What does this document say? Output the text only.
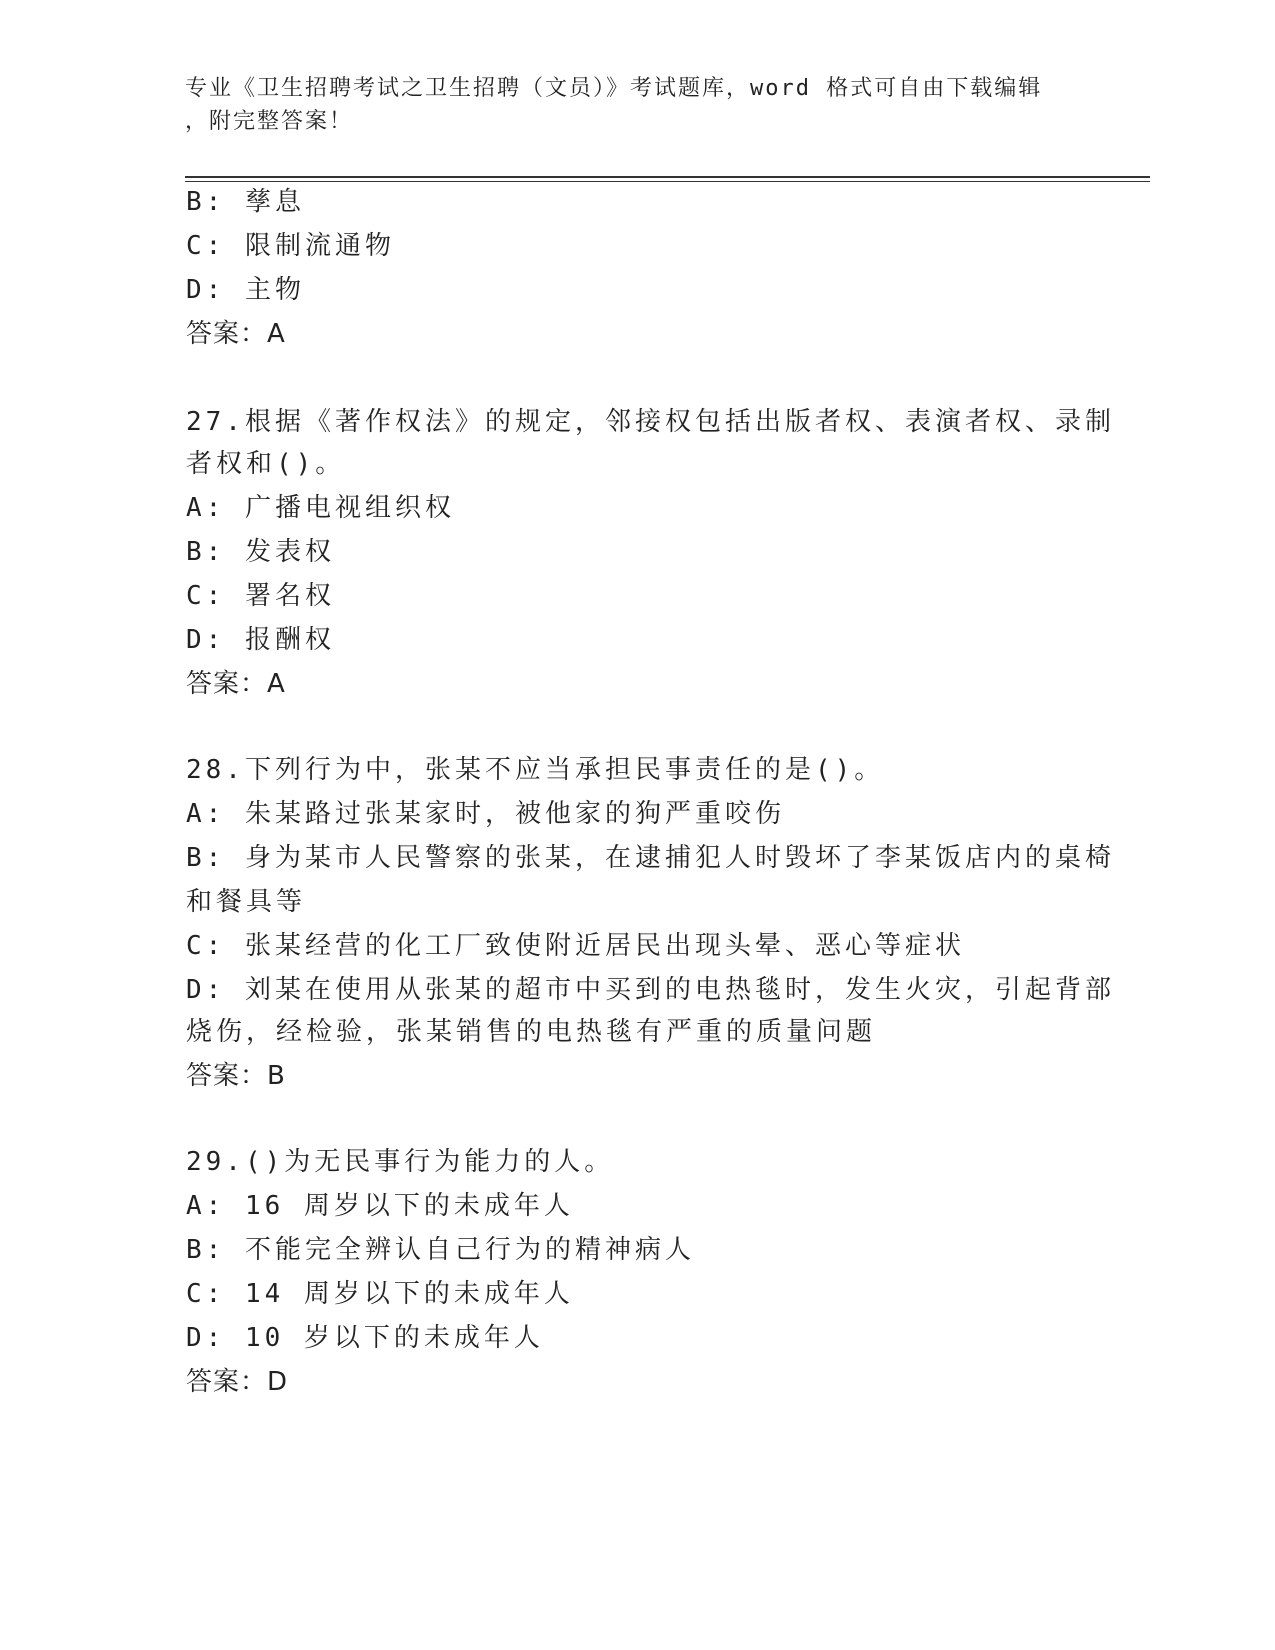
专业《卫生招聘考试之卫生招聘（文员）》考试题库，word 格式可自由下载编辑
，附完整答案！
B: 孳息
C: 限制流通物
D: 主物
答案：A
27.根据《著作权法》的规定，邻接权包括出版者权、表演者权、录制
者权和()。
A: 广播电视组织权
B: 发表权
C: 署名权
D: 报酬权
答案：A
28.下列行为中，张某不应当承担民事责任的是()。
A: 朱某路过张某家时，被他家的狗严重咬伤
B: 身为某市人民警察的张某，在逮捕犯人时毁坏了李某饭店内的桌椅
和餐具等
C: 张某经营的化工厂致使附近居民出现头晕、恶心等症状
D: 刘某在使用从张某的超市中买到的电热毯时，发生火灾，引起背部
烧伤，经检验，张某销售的电热毯有严重的质量问题
答案：B
29.()为无民事行为能力的人。
A: 16 周岁以下的未成年人
B: 不能完全辨认自己行为的精神病人
C: 14 周岁以下的未成年人
D: 10 岁以下的未成年人
答案：D
